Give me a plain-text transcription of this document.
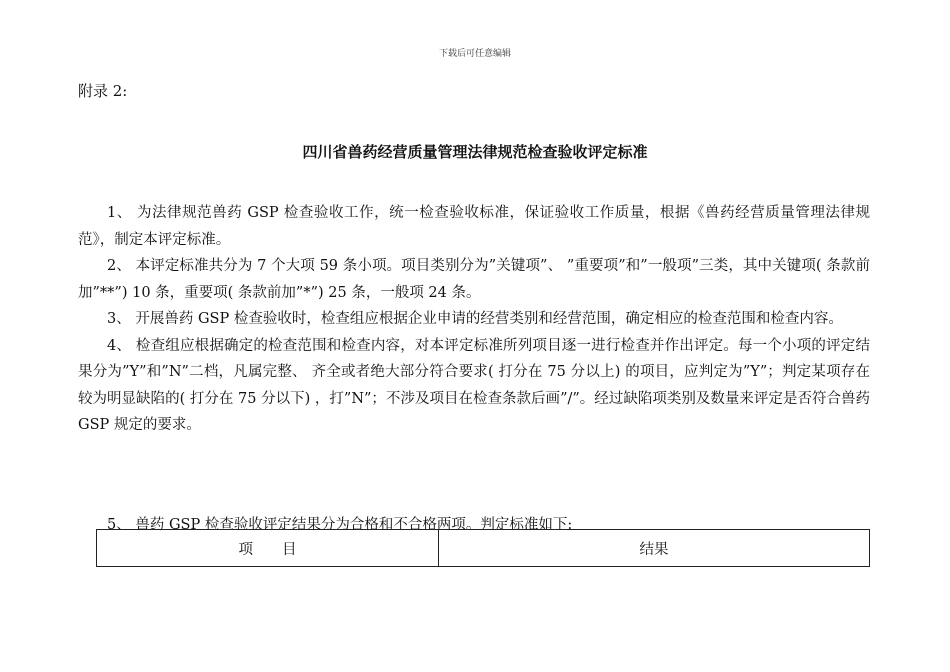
下载后可任意编辑
附录 2:
四川省兽药经营质量管理法律规范检查验收评定标准

1、 为法律规范兽药 GSP 检查验收工作，统一检查验收标准，保证验收工作质量，根据《兽药经营质量管理法律规范》，制定本评定标准。

2、 本评定标准共分为 7 个大项 59 条小项。项目类别分为”关键项”、 ”重要项”和”一般项”三类，其中关键项( 条款前加”**”) 10 条，重要项( 条款前加”*”) 25 条，一般项 24 条。

3、 开展兽药 GSP 检查验收时，检查组应根据企业申请的经营类别和经营范围，确定相应的检查范围和检查内容。

4、 检查组应根据确定的检查范围和检查内容，对本评定标准所列项目逐一进行检查并作出评定。每一个小项的评定结果分为”Y”和”N”二档，凡属完整、 齐全或者绝大部分符合要求( 打分在 75 分以上) 的项目，应判定为”Y”；判定某项存在较为明显缺陷的( 打分在 75 分以下) ，打”N”；不涉及项目在检查条款后画”/”。经过缺陷项类别及数量来评定是否符合兽药 GSP 规定的要求。

5、 兽药 GSP 检查验收评定结果分为合格和不合格两项。判定标准如下:

项　　目	结果
